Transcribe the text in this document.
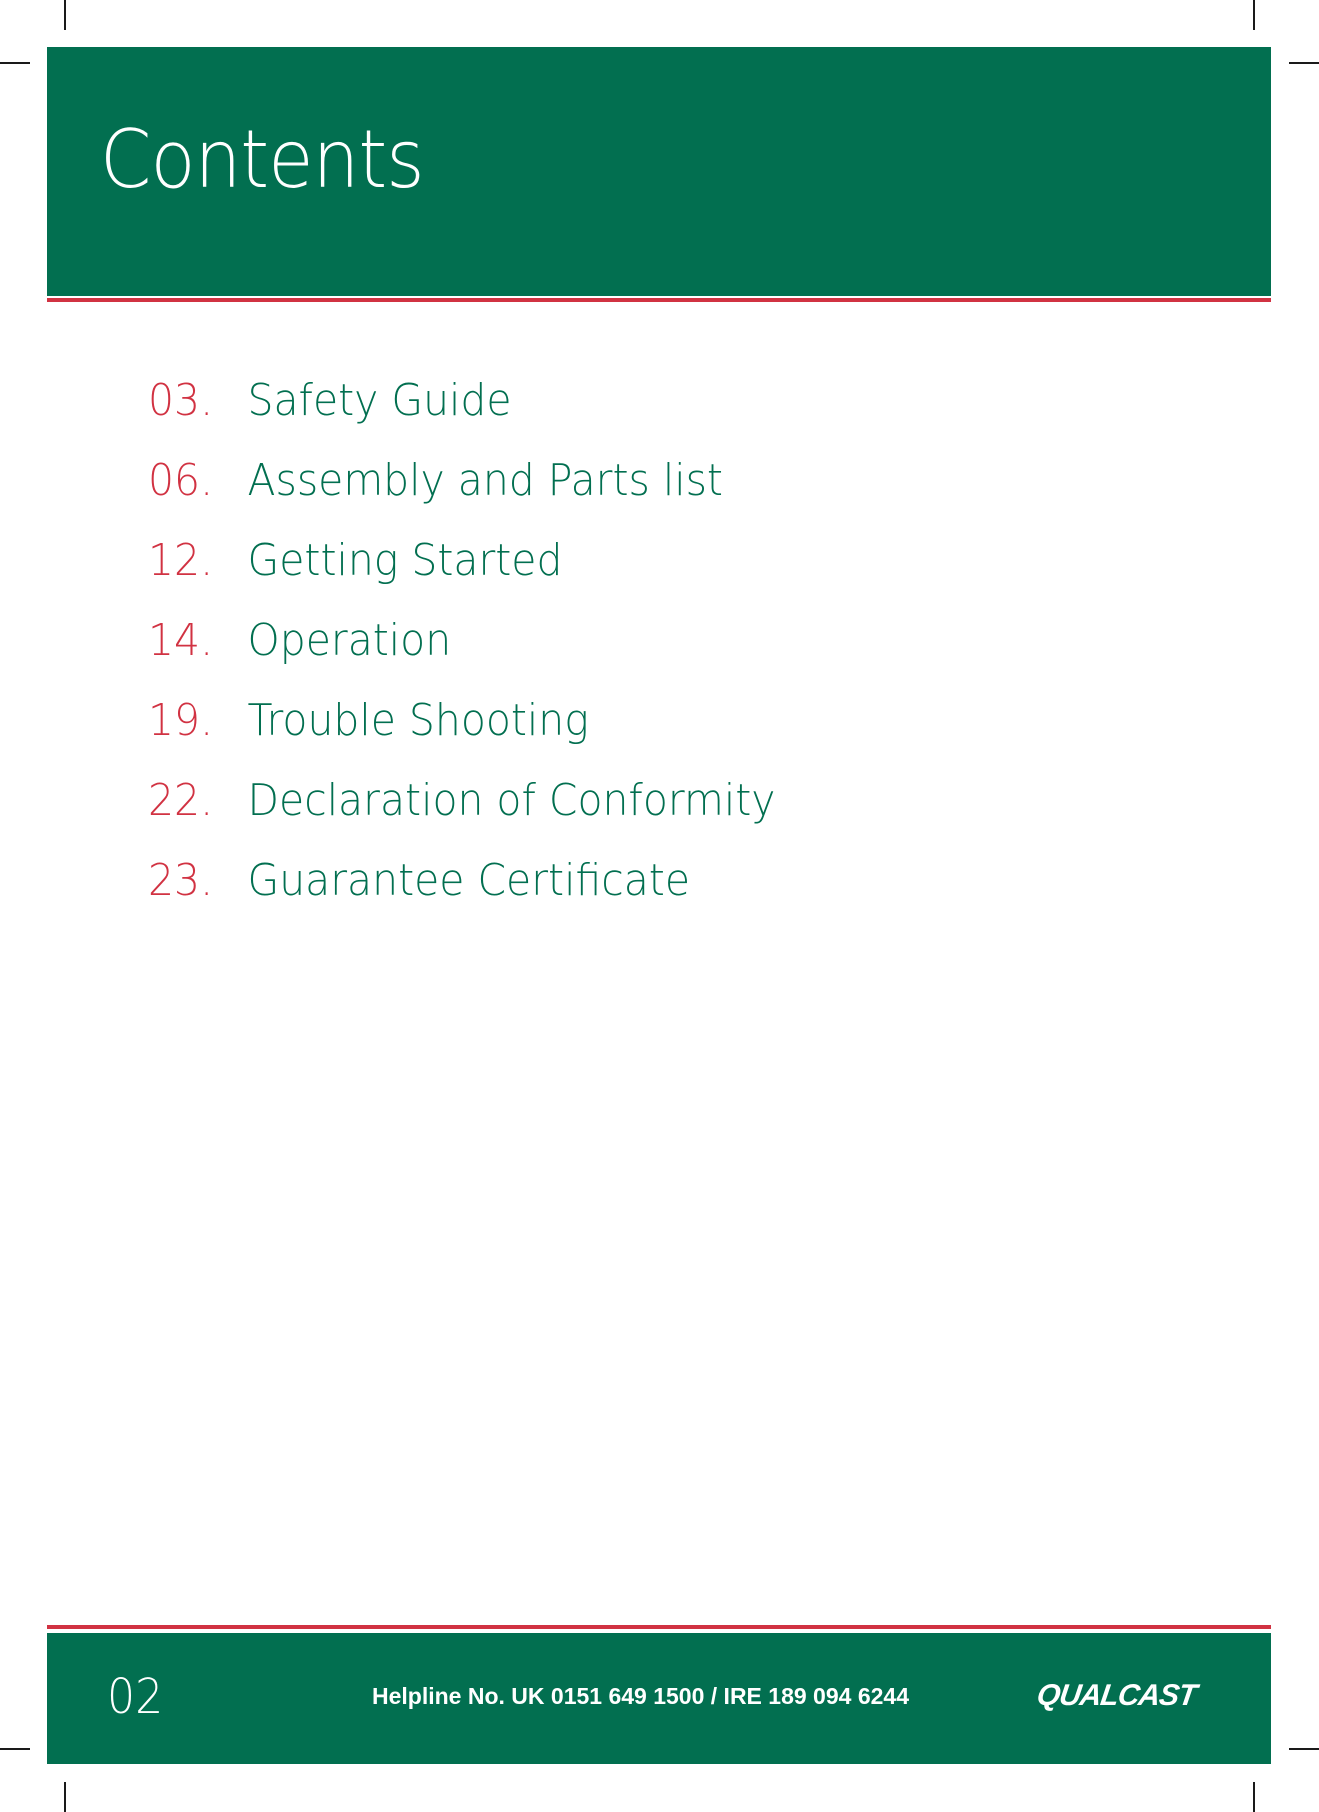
Contents
03. Safety Guide
06. Assembly and Parts list
12. Getting Started
14. Operation
19. Trouble Shooting
22. Declaration of Conformity
23. Guarantee Certificate
02	Helpline No. UK 0151 649 1500 / IRE 189 094 6244	QUALCAST
